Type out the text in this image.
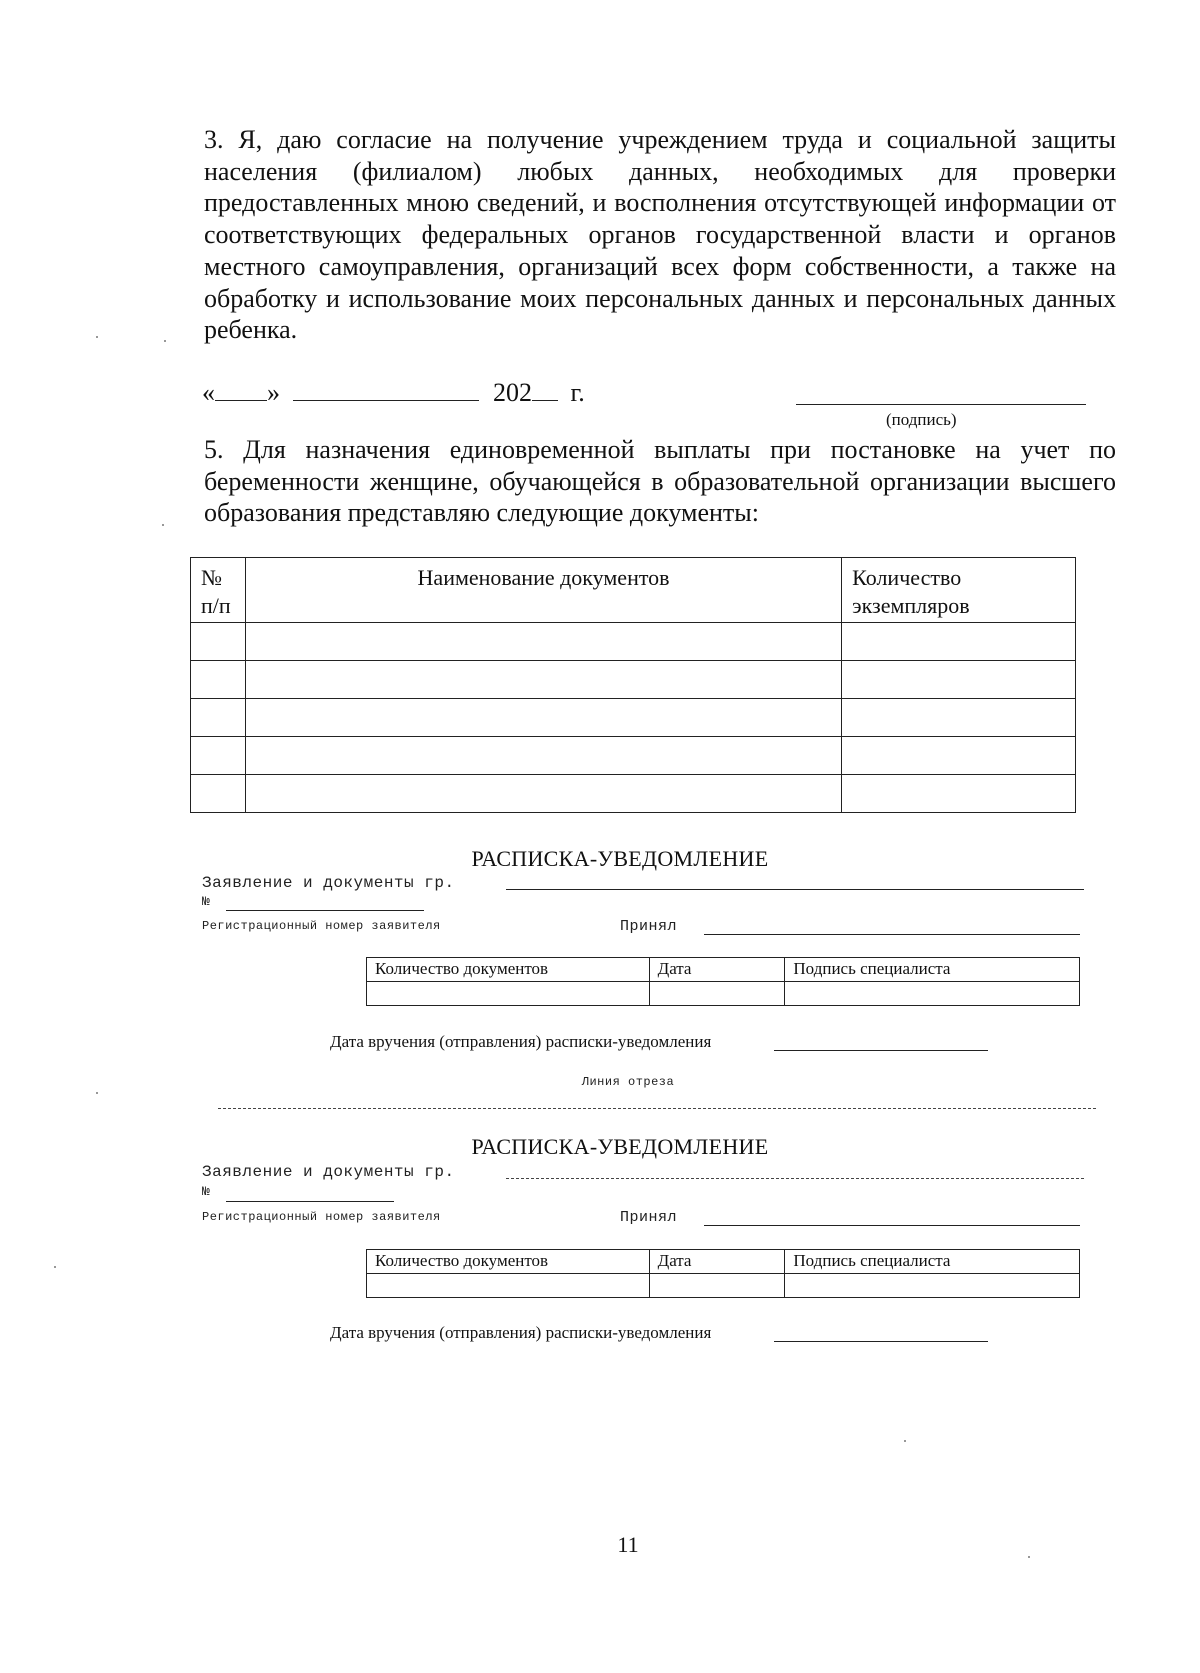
3. Я, даю согласие на получение учреждением труда и социальной защиты населения (филиалом) любых данных, необходимых для проверки предоставленных мною сведений, и восполнения отсутствующей информации от соответствующих федеральных органов государственной власти и органов местного самоуправления, организаций всех форм собственности, а также на обработку и использование моих персональных данных и персональных данных ребенка.
« »	202 г.
(подпись)
5. Для назначения единовременной выплаты при постановке на учет по беременности женщине, обучающейся в образовательной организации высшего образования представляю следующие документы:
№ п/п	Наименование документов	Количество экземпляров

РАСПИСКА-УВЕДОМЛЕНИЕ
Заявление и документы гр.
№
Регистрационный номер заявителя	Принял
Количество документов	Дата	Подпись специалиста

Дата вручения (отправления) расписки-уведомления
Линия отреза
РАСПИСКА-УВЕДОМЛЕНИЕ
Заявление и документы гр.
№
Регистрационный номер заявителя	Принял
Количество документов	Дата	Подпись специалиста

Дата вручения (отправления) расписки-уведомления
11
